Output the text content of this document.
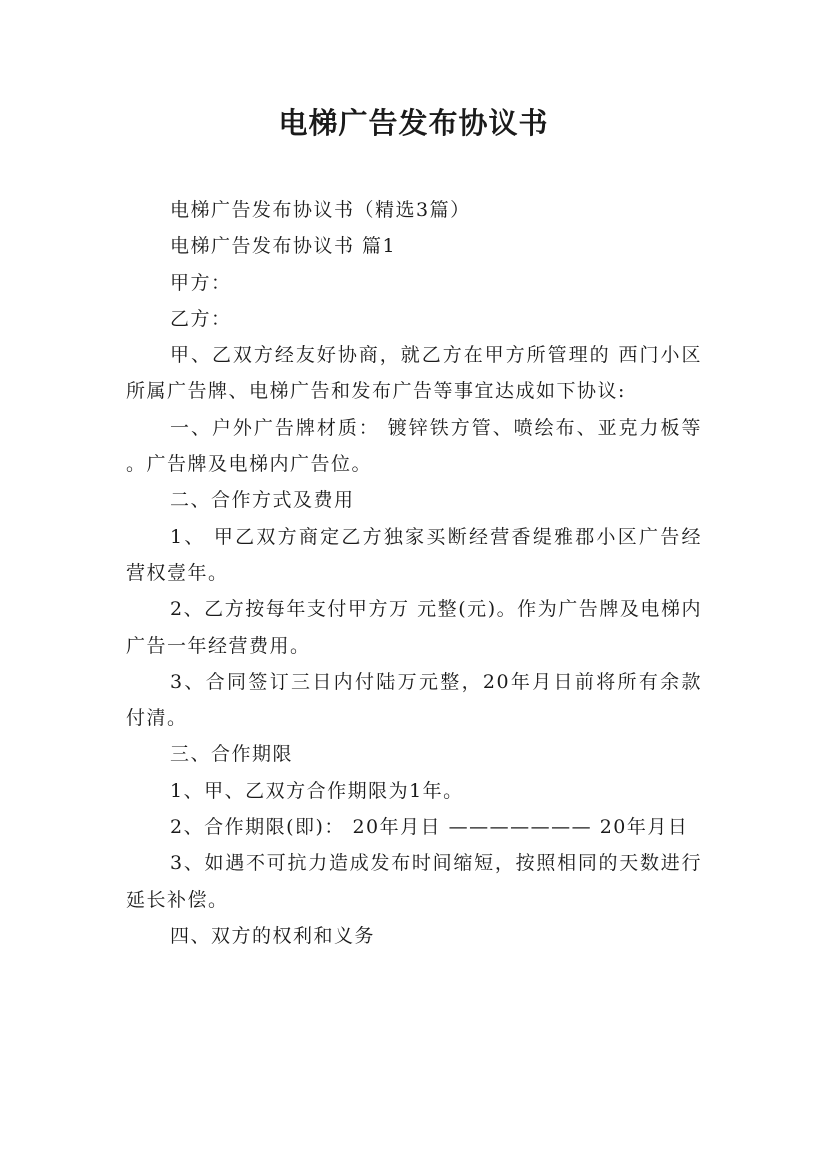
电梯广告发布协议书

电梯广告发布协议书（精选3篇）

电梯广告发布协议书 篇1

甲方：

乙方：

甲、乙双方经友好协商，就乙方在甲方所管理的 西门小区所属广告牌、电梯广告和发布广告等事宜达成如下协议:

一、户外广告牌材质： 镀锌铁方管、喷绘布、亚克力板等 。广告牌及电梯内广告位。

二、合作方式及费用

1、 甲乙双方商定乙方独家买断经营香缇雅郡小区广告经营权壹年。

2、乙方按每年支付甲方万 元整(元)。作为广告牌及电梯内广告一年经营费用。

3、合同签订三日内付陆万元整，20年月日前将所有余款付清。

三、合作期限

1、甲、乙双方合作期限为1年。

2、合作期限(即)： 20年月日 ——————— 20年月日

3、如遇不可抗力造成发布时间缩短，按照相同的天数进行延长补偿。

四、双方的权利和义务
